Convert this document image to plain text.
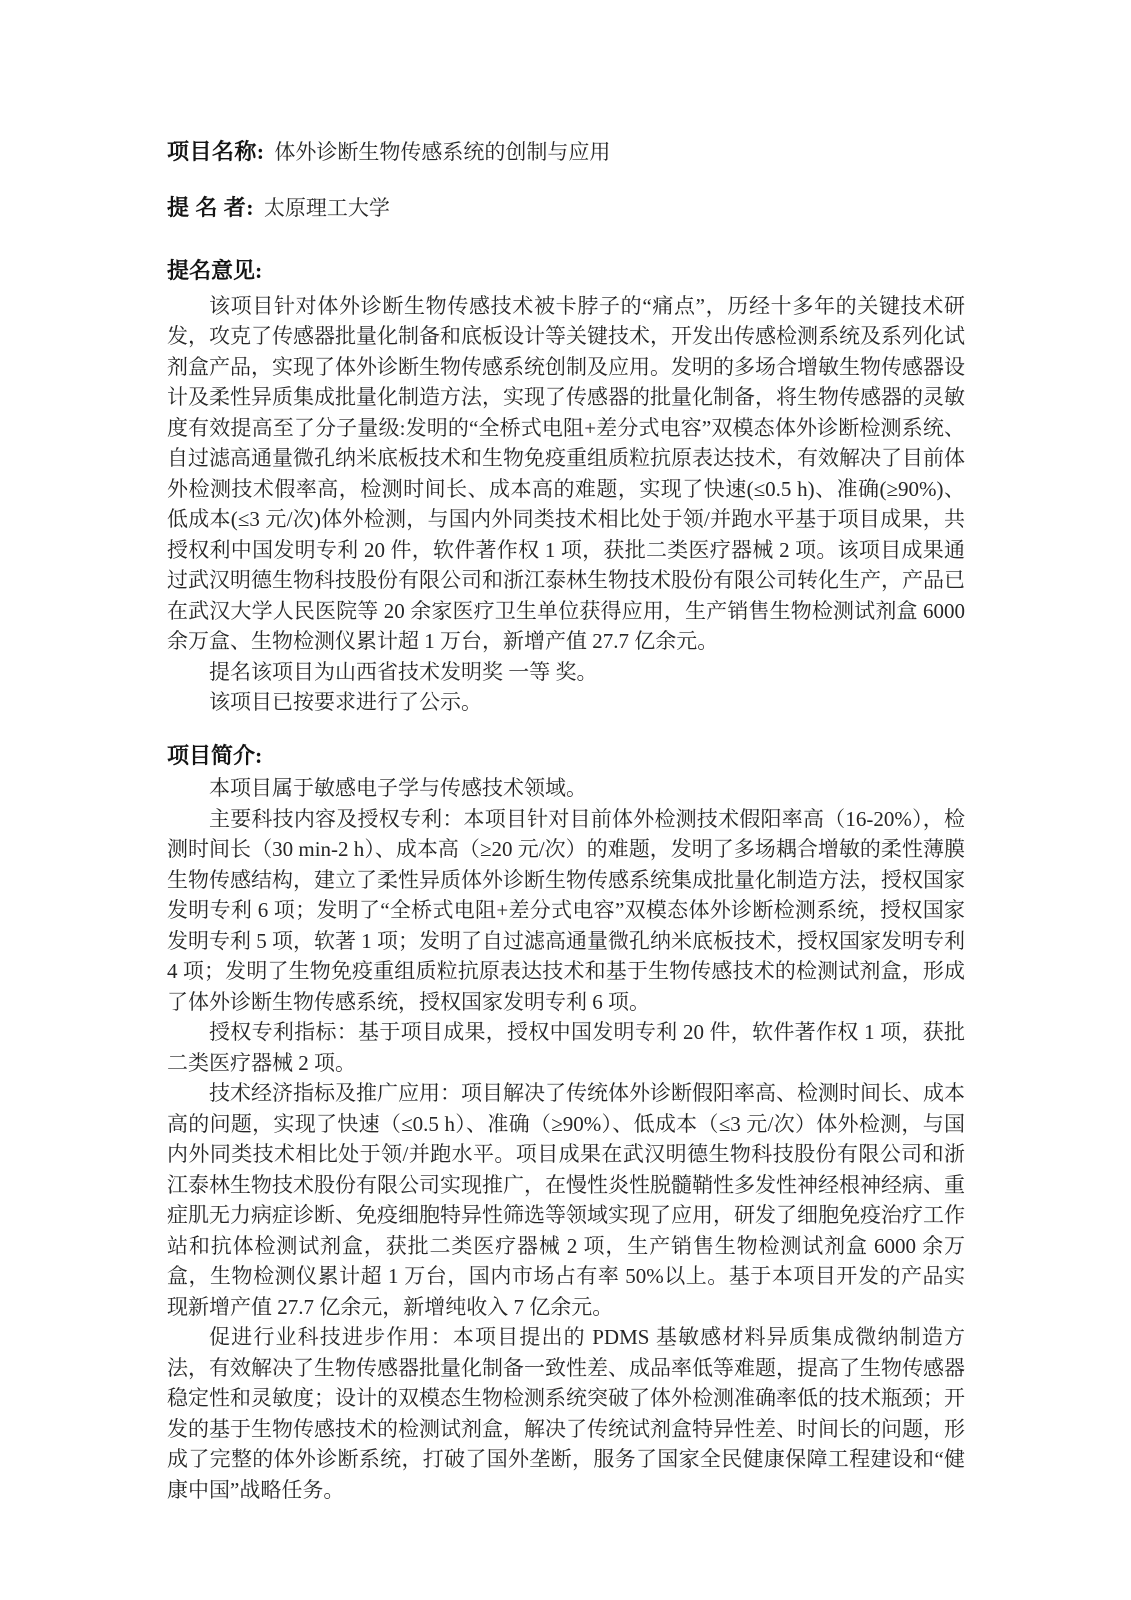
项目名称: 体外诊断生物传感系统的创制与应用
提 名 者: 太原理工大学
提名意见:

该项目针对体外诊断生物传感技术被卡脖子的“痛点”，历经十多年的关键技术研发，攻克了传感器批量化制备和底板设计等关键技术，开发出传感检测系统及系列化试剂盒产品，实现了体外诊断生物传感系统创制及应用。发明的多场合增敏生物传感器设计及柔性异质集成批量化制造方法，实现了传感器的批量化制备，将生物传感器的灵敏度有效提高至了分子量级:发明的“全桥式电阻+差分式电容”双模态体外诊断检测系统、自过滤高通量微孔纳米底板技术和生物免疫重组质粒抗原表达技术，有效解决了目前体外检测技术假率高，检测时间长、成本高的难题，实现了快速(≤0.5 h)、准确(≥90%)、低成本(≤3 元/次)体外检测，与国内外同类技术相比处于领/并跑水平基于项目成果，共授权利中国发明专利 20 件，软件著作权 1 项，获批二类医疗器械 2 项。该项目成果通过武汉明德生物科技股份有限公司和浙江泰林生物技术股份有限公司转化生产，产品已在武汉大学人民医院等 20 余家医疗卫生单位获得应用，生产销售生物检测试剂盒 6000 余万盒、生物检测仪累计超 1 万台，新增产值 27.7 亿余元。

提名该项目为山西省技术发明奖 一等 奖。

该项目已按要求进行了公示。

项目简介:

本项目属于敏感电子学与传感技术领域。

主要科技内容及授权专利：本项目针对目前体外检测技术假阳率高（16-20%），检测时间长（30 min-2 h）、成本高（≥20 元/次）的难题，发明了多场耦合增敏的柔性薄膜生物传感结构，建立了柔性异质体外诊断生物传感系统集成批量化制造方法，授权国家发明专利 6 项；发明了“全桥式电阻+差分式电容”双模态体外诊断检测系统，授权国家发明专利 5 项，软著 1 项；发明了自过滤高通量微孔纳米底板技术，授权国家发明专利 4 项；发明了生物免疫重组质粒抗原表达技术和基于生物传感技术的检测试剂盒，形成了体外诊断生物传感系统，授权国家发明专利 6 项。

授权专利指标：基于项目成果，授权中国发明专利 20 件，软件著作权 1 项，获批二类医疗器械 2 项。

技术经济指标及推广应用：项目解决了传统体外诊断假阳率高、检测时间长、成本高的问题，实现了快速（≤0.5 h）、准确（≥90%）、低成本（≤3 元/次）体外检测，与国内外同类技术相比处于领/并跑水平。项目成果在武汉明德生物科技股份有限公司和浙江泰林生物技术股份有限公司实现推广，在慢性炎性脱髓鞘性多发性神经根神经病、重症肌无力病症诊断、免疫细胞特异性筛选等领域实现了应用，研发了细胞免疫治疗工作站和抗体检测试剂盒，获批二类医疗器械 2 项，生产销售生物检测试剂盒 6000 余万盒，生物检测仪累计超 1 万台，国内市场占有率 50%以上。基于本项目开发的产品实现新增产值 27.7 亿余元，新增纯收入 7 亿余元。

促进行业科技进步作用：本项目提出的 PDMS 基敏感材料异质集成微纳制造方法，有效解决了生物传感器批量化制备一致性差、成品率低等难题，提高了生物传感器稳定性和灵敏度；设计的双模态生物检测系统突破了体外检测准确率低的技术瓶颈；开发的基于生物传感技术的检测试剂盒，解决了传统试剂盒特异性差、时间长的问题，形成了完整的体外诊断系统，打破了国外垄断，服务了国家全民健康保障工程建设和“健康中国”战略任务。
